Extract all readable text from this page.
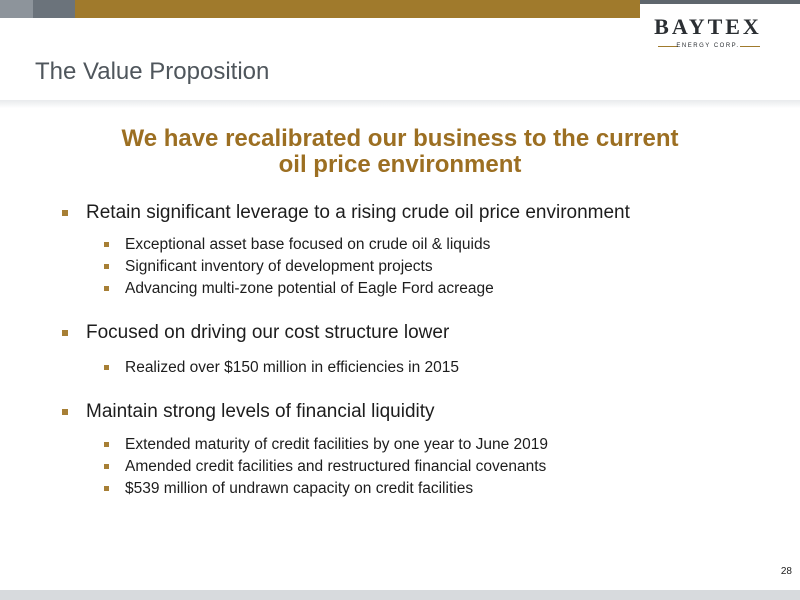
BAYTEX
ENERGY CORP.
The Value Proposition
We have recalibrated our business to the current
oil price environment
Retain significant leverage to a rising crude oil price environment
Exceptional asset base focused on crude oil & liquids
Significant inventory of development projects
Advancing multi-zone potential of Eagle Ford acreage
Focused on driving our cost structure lower
Realized over $150 million in efficiencies in 2015
Maintain strong levels of financial liquidity
Extended maturity of credit facilities by one year to June 2019
Amended credit facilities and restructured financial covenants
$539 million of undrawn capacity on credit facilities
28
